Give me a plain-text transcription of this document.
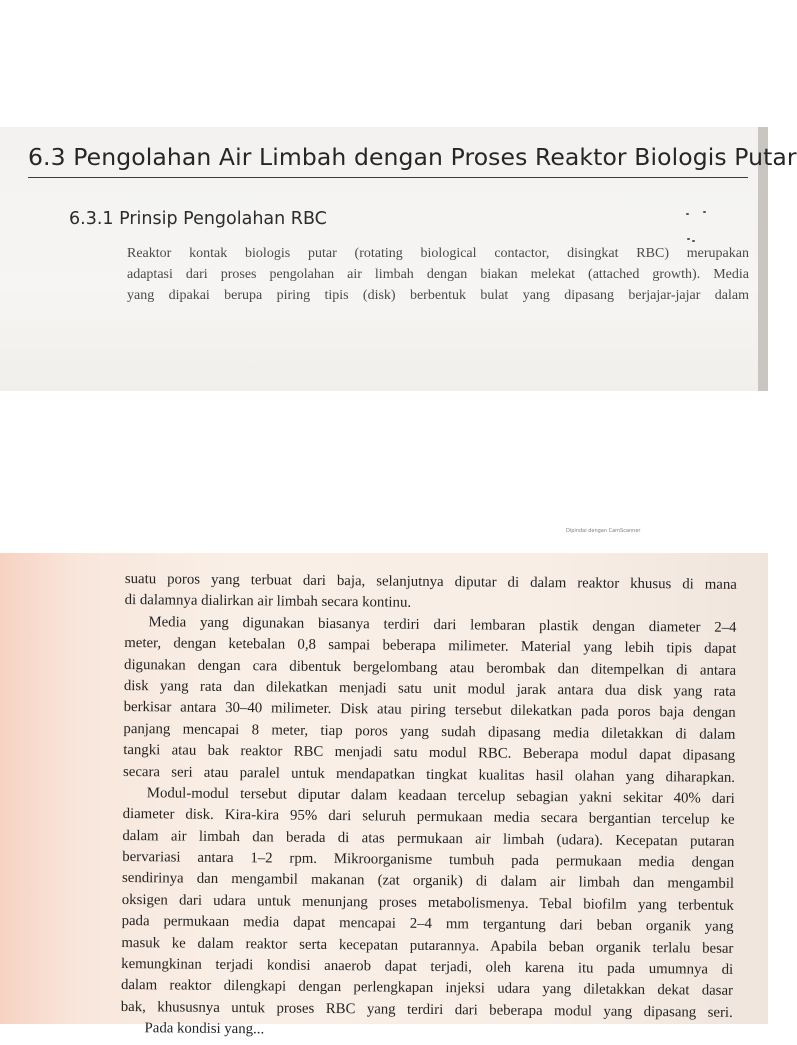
6.3 Pengolahan Air Limbah dengan Proses Reaktor Biologis Putar
6.3.1 Prinsip Pengolahan RBC

Reaktor kontak biologis putar (rotating biological contactor, disingkat RBC) merupakan
adaptasi dari proses pengolahan air limbah dengan biakan melekat (attached growth). Media
yang dipakai berupa piring tipis (disk) berbentuk bulat yang dipasang berjajar-jajar dalam

Dipindai dengan CamScanner
suatu poros yang terbuat dari baja, selanjutnya diputar di dalam reaktor khusus di mana
di dalamnya dialirkan air limbah secara kontinu.
Media yang digunakan biasanya terdiri dari lembaran plastik dengan diameter 2–4
meter, dengan ketebalan 0,8 sampai beberapa milimeter. Material yang lebih tipis dapat
digunakan dengan cara dibentuk bergelombang atau berombak dan ditempelkan di antara
disk yang rata dan dilekatkan menjadi satu unit modul jarak antara dua disk yang rata
berkisar antara 30–40 milimeter. Disk atau piring tersebut dilekatkan pada poros baja dengan
panjang mencapai 8 meter, tiap poros yang sudah dipasang media diletakkan di dalam
tangki atau bak reaktor RBC menjadi satu modul RBC. Beberapa modul dapat dipasang
secara seri atau paralel untuk mendapatkan tingkat kualitas hasil olahan yang diharapkan.
Modul-modul tersebut diputar dalam keadaan tercelup sebagian yakni sekitar 40% dari
diameter disk. Kira-kira 95% dari seluruh permukaan media secara bergantian tercelup ke
dalam air limbah dan berada di atas permukaan air limbah (udara). Kecepatan putaran
bervariasi antara 1–2 rpm. Mikroorganisme tumbuh pada permukaan media dengan
sendirinya dan mengambil makanan (zat organik) di dalam air limbah dan mengambil
oksigen dari udara untuk menunjang proses metabolismenya. Tebal biofilm yang terbentuk
pada permukaan media dapat mencapai 2–4 mm tergantung dari beban organik yang
masuk ke dalam reaktor serta kecepatan putarannya. Apabila beban organik terlalu besar
kemungkinan terjadi kondisi anaerob dapat terjadi, oleh karena itu pada umumnya di
dalam reaktor dilengkapi dengan perlengkapan injeksi udara yang diletakkan dekat dasar
bak, khususnya untuk proses RBC yang terdiri dari beberapa modul yang dipasang seri.
Pada kondisi yang...
